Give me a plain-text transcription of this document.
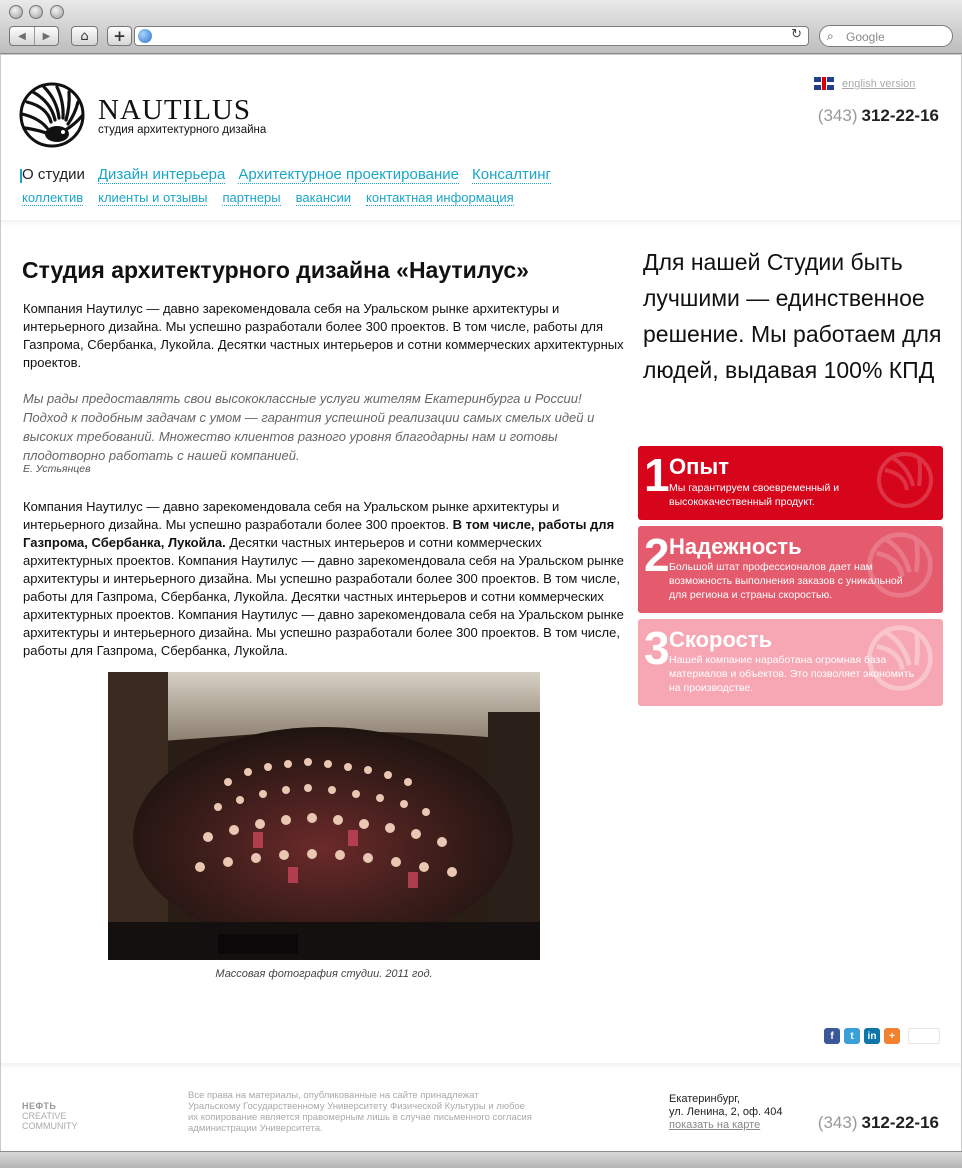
◀	▶	⌂	+	↻ ⌕ Google
NAUTILUS
студия архитектурного дизайна
english version
(343) 312-22-16
О студии Дизайн интерьера Архитектурное проектирование Консалтинг
коллектив клиенты и отзывы партнеры вакансии контактная информация
Студия архитектурного дизайна «Наутилус»

Компания Наутилус — давно зарекомендовала себя на Уральском рынке архитектуры и интерьерного дизайна. Мы успешно разработали более 300 проектов. В том числе, работы для Газпрома, Сбербанка, Лукойла. Десятки частных интерьеров и сотни коммерческих архитектурных проектов.

Мы рады предоставлять свои высококлассные услуги жителям Екатеринбурга и России! Подход к подобным задачам с умом — гарантия успешной реализации самых смелых идей и высоких требований. Множество клиентов разного уровня благодарны нам и готовы плодотворно работать с нашей компанией.

Е. Устьянцев

Компания Наутилус — давно зарекомендовала себя на Уральском рынке архитектуры и интерьерного дизайна. Мы успешно разработали более 300 проектов. В том числе, работы для Газпрома, Сбербанка, Лукойла. Десятки частных интерьеров и сотни коммерческих архитектурных проектов. Компания Наутилус — давно зарекомендовала себя на Уральском рынке архитектуры и интерьерного дизайна. Мы успешно разработали более 300 проектов. В том числе, работы для Газпрома, Сбербанка, Лукойла. Десятки частных интерьеров и сотни коммерческих архитектурных проектов. Компания Наутилус — давно зарекомендовала себя на Уральском рынке архитектуры и интерьерного дизайна. Мы успешно разработали более 300 проектов. В том числе, работы для Газпрома, Сбербанка, Лукойла.

Массовая фотография студии. 2011 год.

Для нашей Студии быть лучшими — единственное решение. Мы работаем для людей, выдавая 100% КПД

1 Опыт
Мы гарантируем своевременный и высококачественный продукт.
2 Надежность
Большой штат профессионалов дает нам возможность выполнения заказов с уникальной для региона и страны скоростью.
3 Скорость
Нашей компание наработана огромная база материалов и объектов. Это позволяет экономить на производстве.
f	t	in	+
НЕФТЬ
CREATIVE
COMMUNITY

Все права на материалы, опубликованные на сайте принадлежат Уральскому Государственному Университету Физической Культуры и любое их копирование является правомерным лишь в случае письменного согласия администрации Университета.

Екатеринбург,
ул. Ленина, 2, оф. 404
показать на карте	(343) 312-22-16
